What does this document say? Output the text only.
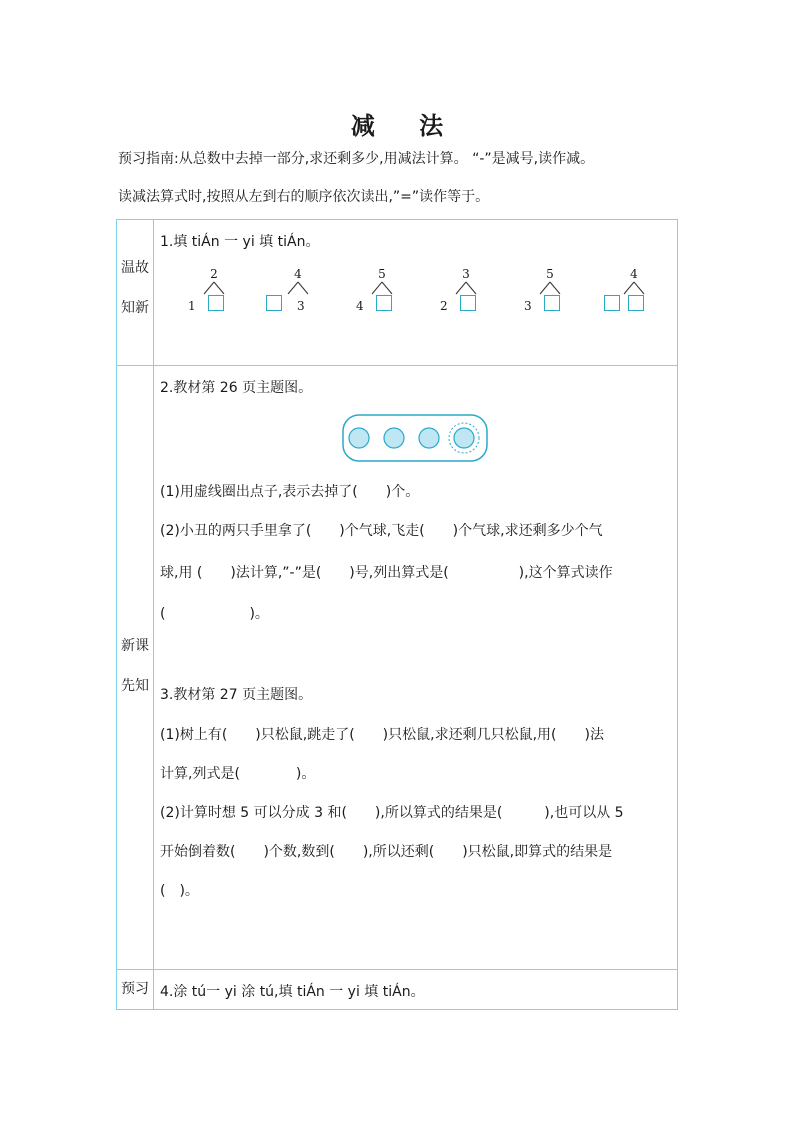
减 法
预习指南:从总数中去掉一部分,求还剩多少,用减法计算。 “-”是减号,读作减。
读减法算式时,按照从左到右的顺序依次读出,”=”读作等于。
温故
知新
新课
先知
预习
1.填 tiÁn 一 yi 填 tiÁn。
2
1
4
3
5
4
3
2
5
3
4
2.教材第 26 页主题图。
(1)用虚线圈出点子,表示去掉了(　　)个。
(2)小丑的两只手里拿了(　　)个气球,飞走(　　)个气球,求还剩多少个气
球,用 (　　)法计算,”-”是(　　)号,列出算式是(　　　　　),这个算式读作
(　　　　　　)。
3.教材第 27 页主题图。
(1)树上有(　　)只松鼠,跳走了(　　)只松鼠,求还剩几只松鼠,用(　　)法
计算,列式是(　　　　)。
(2)计算时想 5 可以分成 3 和(　　),所以算式的结果是(　　　),也可以从 5
开始倒着数(　　)个数,数到(　　),所以还剩(　　)只松鼠,即算式的结果是
(　)。
4.涂 tú一 yi 涂 tú,填 tiÁn 一 yi 填 tiÁn。
